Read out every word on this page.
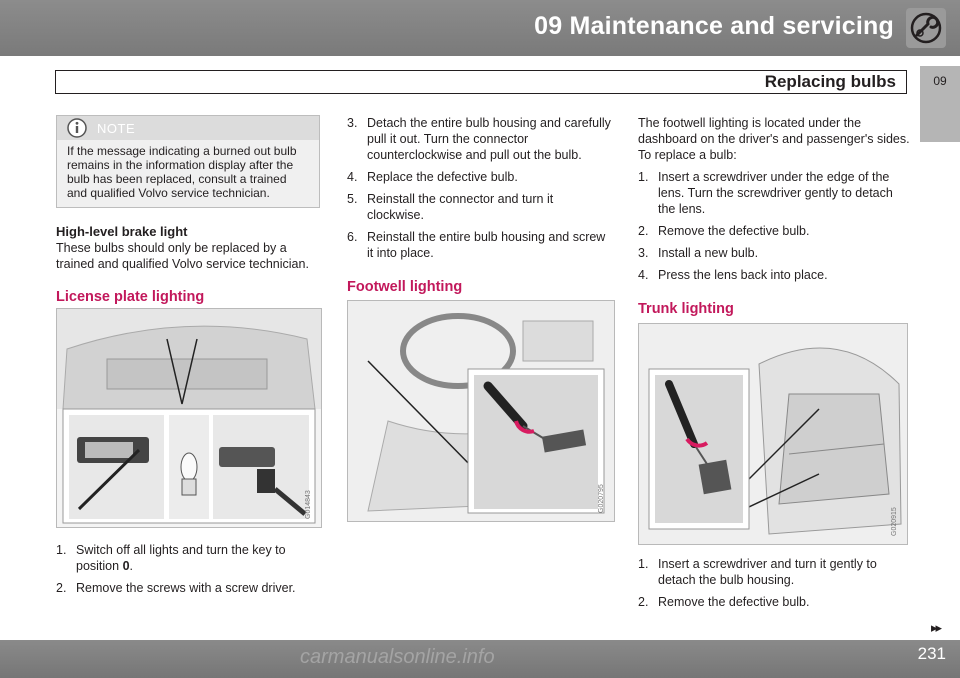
09 Maintenance and servicing
Replacing bulbs	09
NOTE
If the message indicating a burned out bulb remains in the information display after the bulb has been replaced, consult a trained and qualified Volvo service technician.
High-level brake light

These bulbs should only be replaced by a trained and qualified Volvo service technician.

License plate lighting
G014843
1. Switch off all lights and turn the key to position 0.
2. Remove the screws with a screw driver.
3. Detach the entire bulb housing and carefully pull it out. Turn the connector counterclockwise and pull out the bulb.
4. Replace the defective bulb.
5. Reinstall the connector and turn it clockwise.
6. Reinstall the entire bulb housing and screw it into place.
Footwell lighting
G020795

The footwell lighting is located under the dashboard on the driver's and passenger's sides. To replace a bulb:

1. Insert a screwdriver under the edge of the lens. Turn the screwdriver gently to detach the lens.
2. Remove the defective bulb.
3. Install a new bulb.
4. Press the lens back into place.
Trunk lighting
G020915
1. Insert a screwdriver and turn it gently to detach the bulb housing.
2. Remove the defective bulb.
▸▸
carmanualsonline.info	231
